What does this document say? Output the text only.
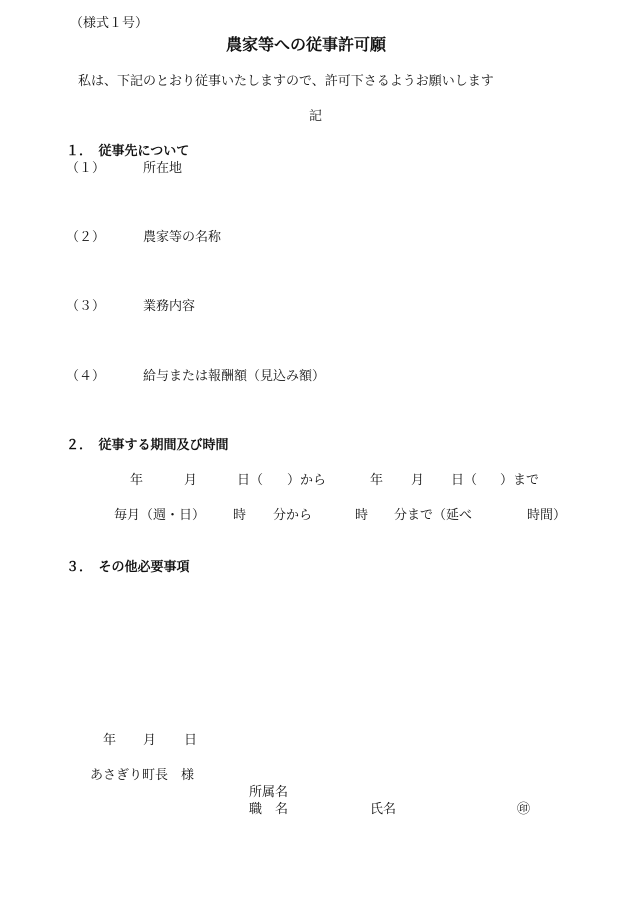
（様式１号）
農家等への従事許可願
私は、下記のとおり従事いたしますので、許可下さるようお願いします
記
１．　従事先について
（１）	所在地
（２）	農家等の名称
（３）	業務内容
（４）	給与または報酬額（見込み額）
２．　従事する期間及び時間
年	月	日（ ）から	年 月 日（ ）まで
毎月（週・日） 時 分から	時 分まで（延べ	時間）
３．　その他必要事項
年 月 日
あさぎり町長　様
所属名
職　名	氏名	㊞
